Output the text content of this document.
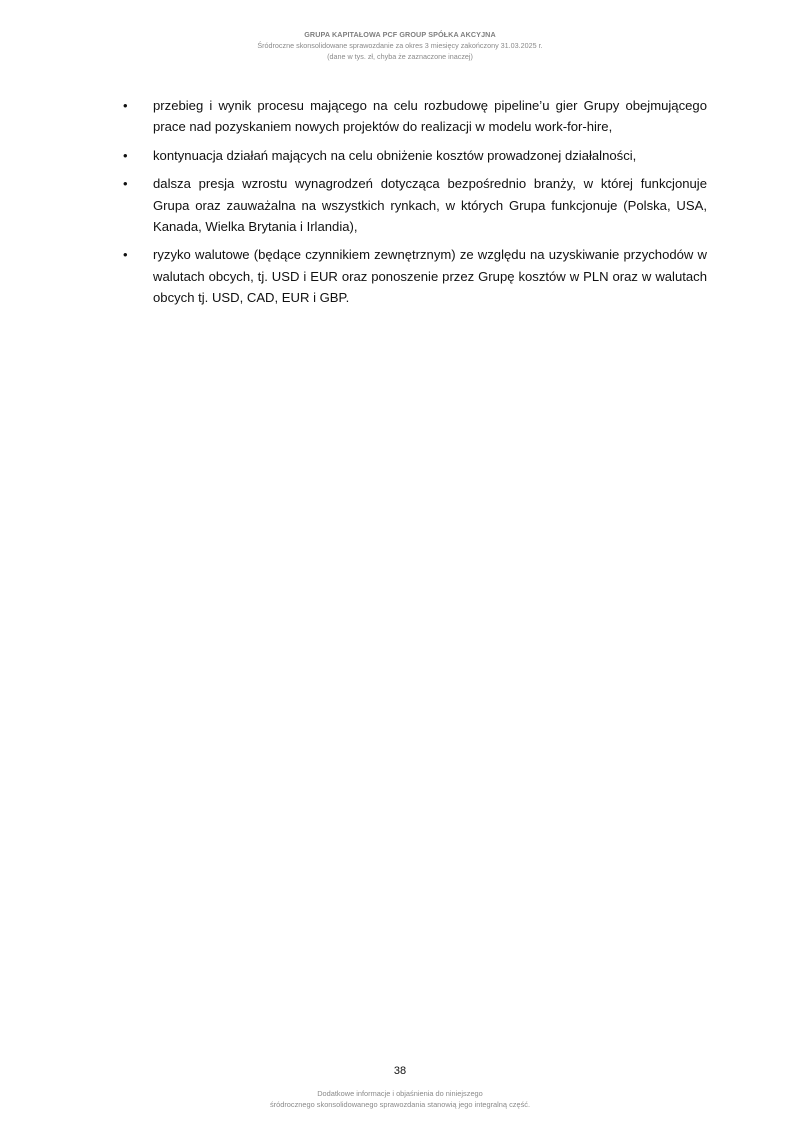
GRUPA KAPITAŁOWA PCF GROUP SPÓŁKA AKCYJNA
Śródroczne skonsolidowane sprawozdanie za okres 3 miesięcy zakończony 31.03.2025 r.
(dane w tys. zł, chyba że zaznaczone inaczej)
•	przebieg i wynik procesu mającego na celu rozbudowę pipeline’u gier Grupy obejmującego prace nad pozyskaniem nowych projektów do realizacji w modelu work-for-hire,
•	kontynuacja działań mających na celu obniżenie kosztów prowadzonej działalności,
•	dalsza presja wzrostu wynagrodzeń dotycząca bezpośrednio branży, w której funkcjonuje Grupa oraz zauważalna na wszystkich rynkach, w których Grupa funkcjonuje (Polska, USA, Kanada, Wielka Brytania i Irlandia),
•	ryzyko walutowe (będące czynnikiem zewnętrznym) ze względu na uzyskiwanie przychodów w walutach obcych, tj. USD i EUR oraz ponoszenie przez Grupę kosztów w PLN oraz w walutach obcych tj. USD, CAD, EUR i GBP.
38
Dodatkowe informacje i objaśnienia do niniejszego
śródrocznego skonsolidowanego sprawozdania stanowią jego integralną część.
